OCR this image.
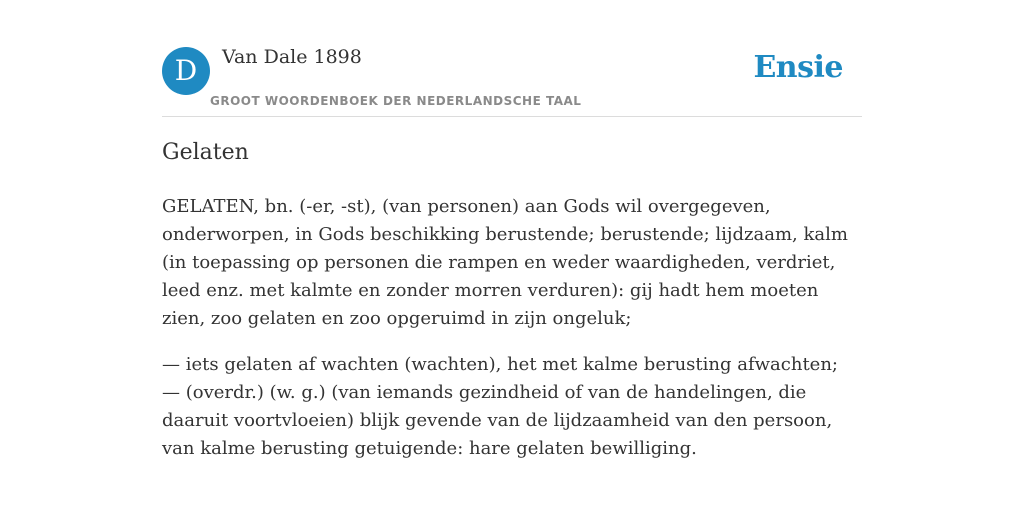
D	Van Dale 1898
GROOT WOORDENBOEK DER NEDERLANDSCHE TAAL
Ensie
Gelaten

GELATEN, bn. (-er, -st), (van personen) aan Gods wil overgegeven, onderworpen, in Gods beschikking berustende; berustende; lijdzaam, kalm (in toepassing op personen die rampen en weder waardigheden, verdriet, leed enz. met kalmte en zonder morren verduren): gij hadt hem moeten zien, zoo gelaten en zoo opgeruimd in zijn ongeluk;

— iets gelaten af wachten (wachten), het met kalme berusting afwachten;

— (overdr.) (w. g.) (van iemands gezindheid of van de handelingen, die daaruit voortvloeien) blijk gevende van de lijdzaamheid van den persoon, van kalme berusting getuigende: hare gelaten bewilliging.
